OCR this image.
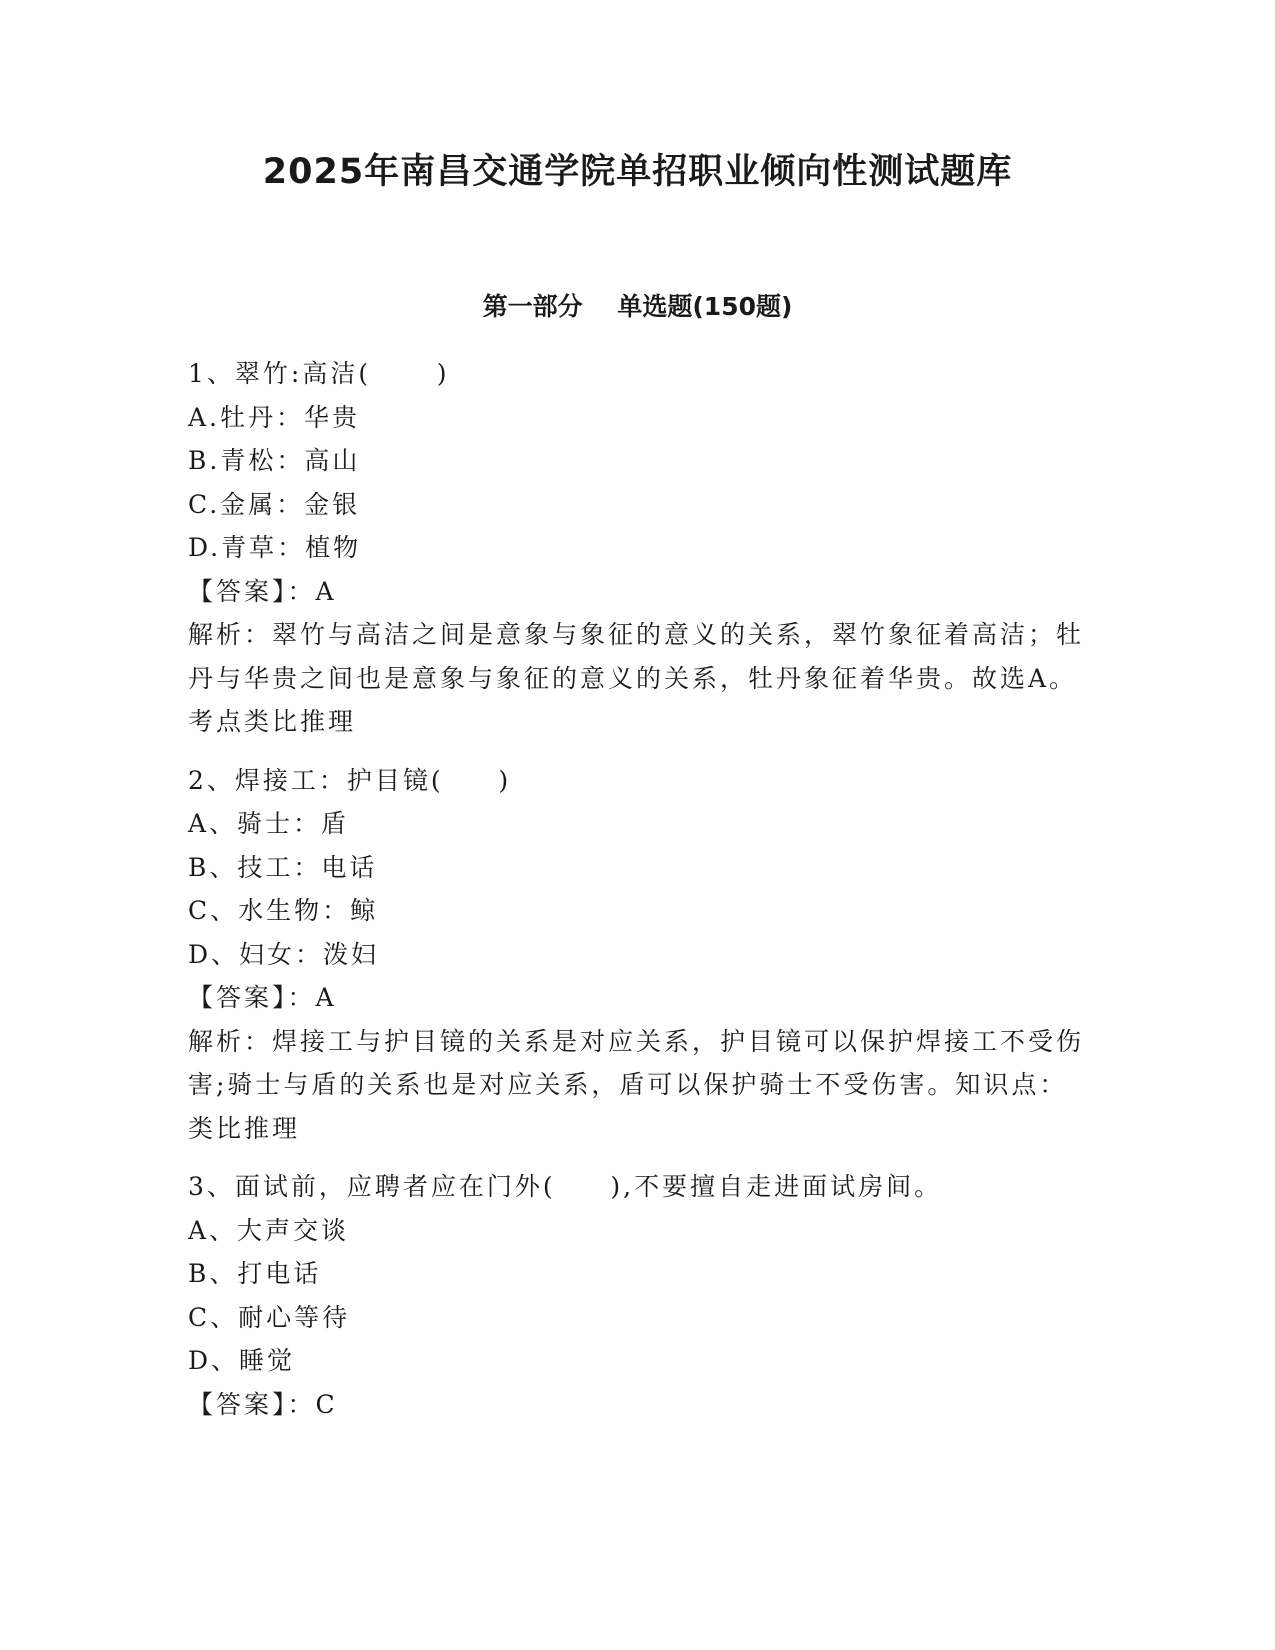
2025年南昌交通学院单招职业倾向性测试题库
第一部分    单选题(150题)
1、翠竹:高洁(      )
A.牡丹：华贵
B.青松：高山
C.金属：金银
D.青草：植物
【答案】：A
解析：翠竹与高洁之间是意象与象征的意义的关系，翠竹象征着高洁；牡丹与华贵之间也是意象与象征的意义的关系，牡丹象征着华贵。故选A。考点类比推理
2、焊接工：护目镜(     )
A、骑士：盾
B、技工：电话
C、水生物：鲸
D、妇女：泼妇
【答案】：A
解析：焊接工与护目镜的关系是对应关系，护目镜可以保护焊接工不受伤害;骑士与盾的关系也是对应关系，盾可以保护骑士不受伤害。知识点：类比推理
3、面试前，应聘者应在门外(     ),不要擅自走进面试房间。
A、大声交谈
B、打电话
C、耐心等待
D、睡觉
【答案】：C
